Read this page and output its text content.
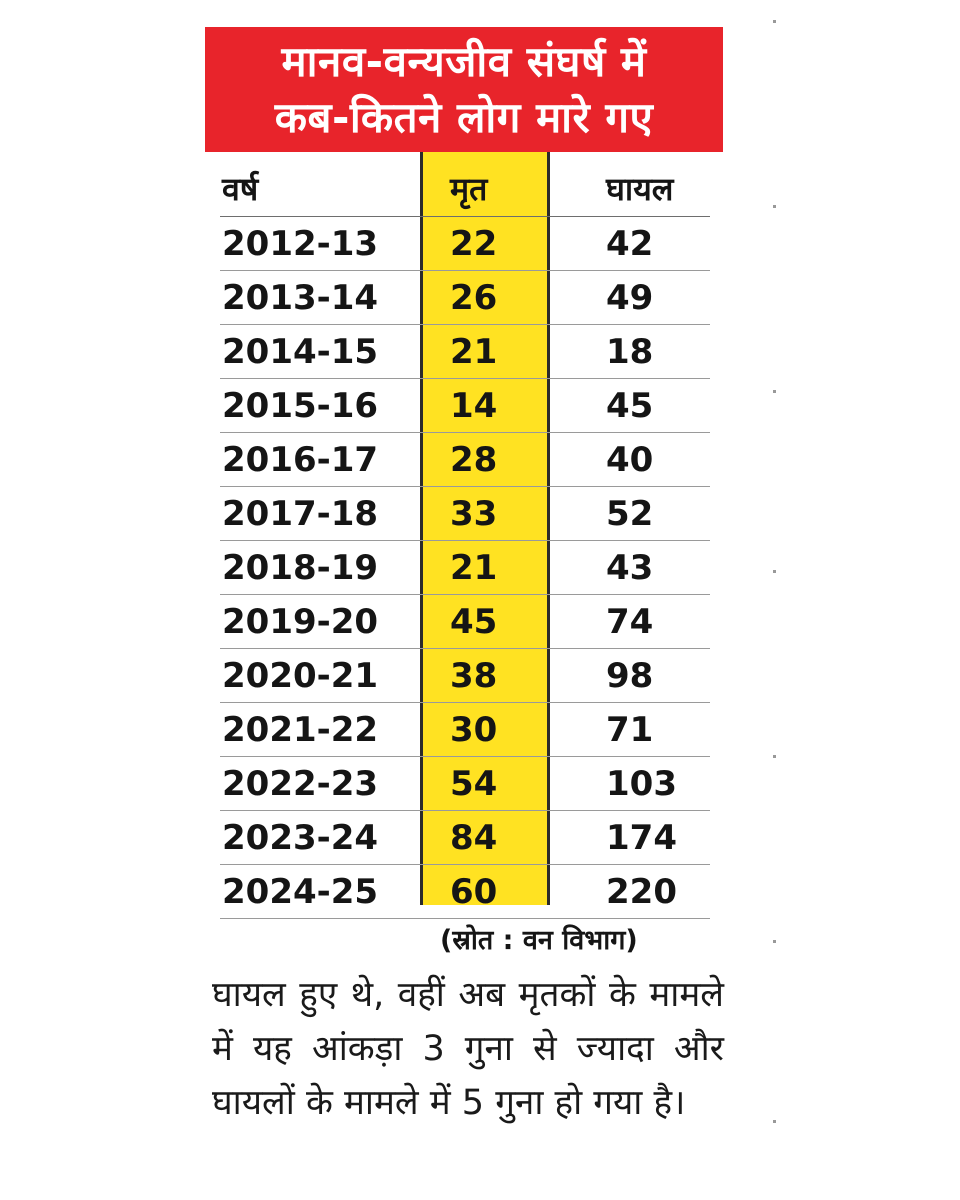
मानव-वन्यजीव संघर्ष में
कब-कितने लोग मारे गए
वर्ष	मृत	घायल
2012-13 22	42
2013-14 26	49
2014-15 21	18
2015-16 14	45
2016-17 28	40
2017-18 33	52
2018-19 21	43
2019-20 45	74
2020-21 38	98
2021-22 30	71
2022-23 54	103
2023-24 84	174
2024-25 60	220
(स्रोत : वन विभाग)
घायल हुए थे, वहीं अब मृतकों के मामले में यह आंकड़ा 3 गुना से ज्यादा और घायलों के मामले में 5 गुना हो गया है।
